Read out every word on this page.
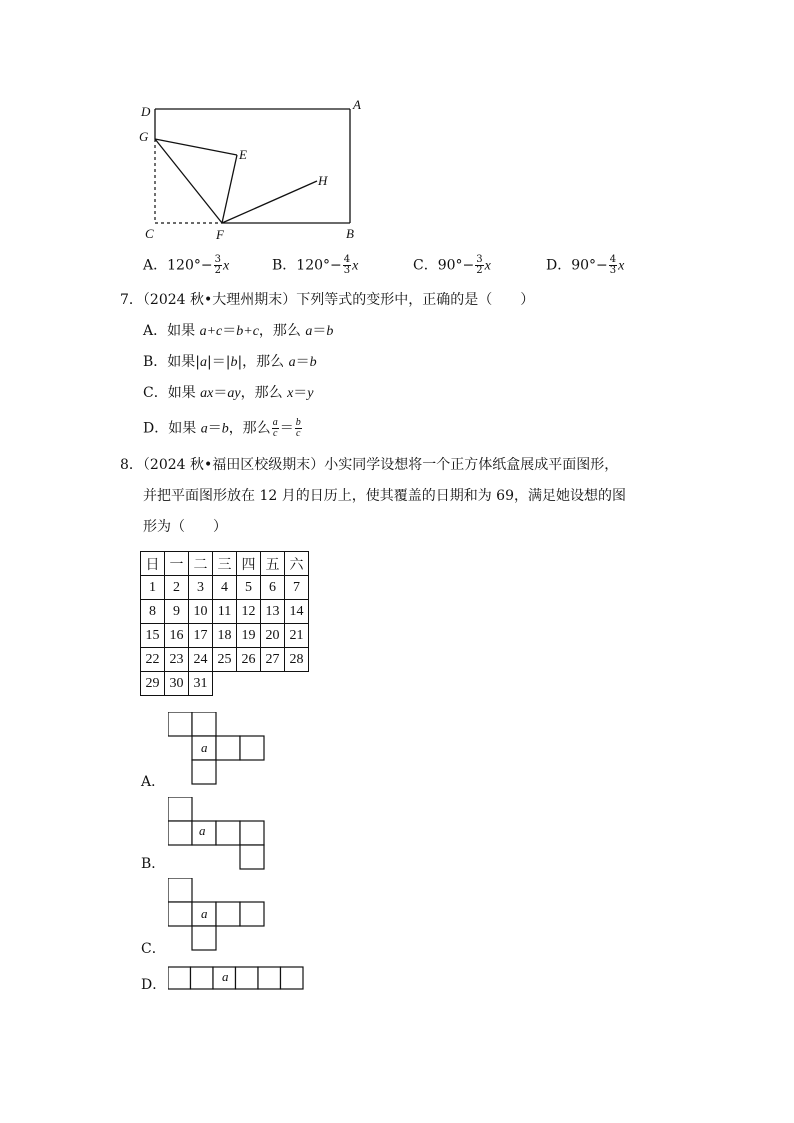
D	A
G
E
H
C	F	B
A．$120^\circ- \frac{3}{2}$ x	B．$120^\circ- \frac{4}{3}$ x	C．$90^\circ- \frac{3}{2}$ x	D．$90^\circ- \frac{4}{3}$ x
7．（2024 秋•大理州期末）下列等式的变形中，正确的是（　　）
A．如果 a+c＝b+c，那么 a＝b
B．如果|a|＝|b|，那么 a＝b
C．如果 ax＝ay，那么 x＝y
D．如果 a＝b，那么 $\frac{a}{c} = \frac{b}{c}$
8．（2024 秋•福田区校级期末）小实同学设想将一个正方体纸盒展成平面图形，
并把平面图形放在 12 月的日历上，使其覆盖的日期和为 69，满足她设想的图
形为（　　）
日	一	二	三	四	五	六
1	2	3	4	5	6	7
8	9	10	11	12	13	14
15	16	17	18	19	20	21
22	23	24	25	26	27	28
29	30	31				
a
A．
a
B．
a
C．
a
D．
